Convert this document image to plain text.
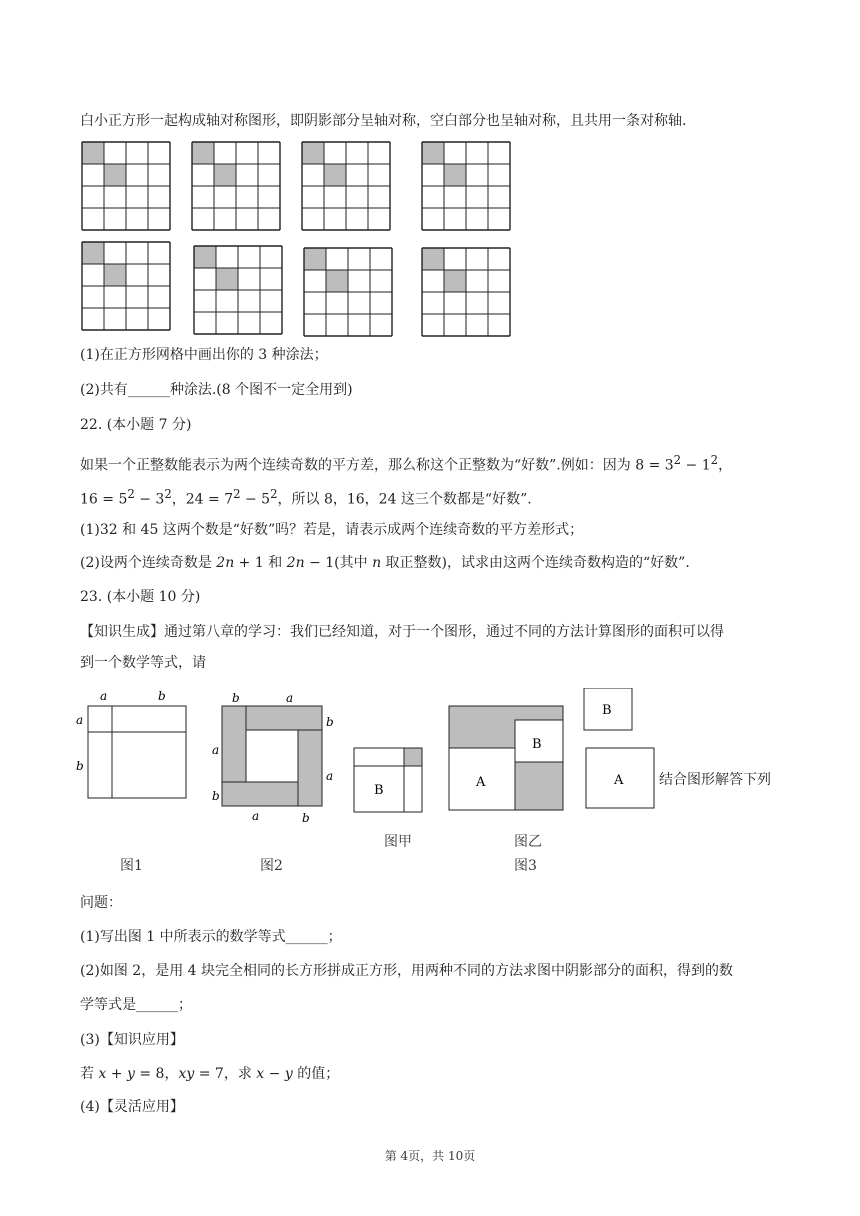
白小正方形一起构成轴对称图形，即阴影部分呈轴对称，空白部分也呈轴对称，且共用一条对称轴.
(1)在正方形网格中画出你的 3 种涂法；
(2)共有______种涂法.(8 个图不一定全用到)
22. (本小题 7 分)
如果一个正整数能表示为两个连续奇数的平方差，那么称这个正整数为“好数”.例如：因为 $8 = 3^2 - 1^2$，
$16 = 5^2 - 3^2$，$24 = 7^2 - 5^2$，所以 8，16，24 这三个数都是“好数”.
(1)32 和 45 这两个数是“好数”吗？若是，请表示成两个连续奇数的平方差形式；
(2)设两个连续奇数是 2n + 1 和 2n − 1(其中 n 取正整数)，试求由这两个连续奇数构造的“好数”.
23. (本小题 10 分)
【知识生成】通过第八章的学习：我们已经知道，对于一个图形，通过不同的方法计算图形的面积可以得
到一个数学等式，请
a	b
a
b
b	a
b
a
a
b
a	b
B
A
B
B
A	结合图形解答下列
图1	图2
图甲	图乙
图3
问题：
(1)写出图 1 中所表示的数学等式______；
(2)如图 2，是用 4 块完全相同的长方形拼成正方形，用两种不同的方法求图中阴影部分的面积，得到的数
学等式是______；
(3)【知识应用】
若 x + y = 8，xy = 7，求 x − y 的值；
(4)【灵活应用】
第 4页，共 10页
